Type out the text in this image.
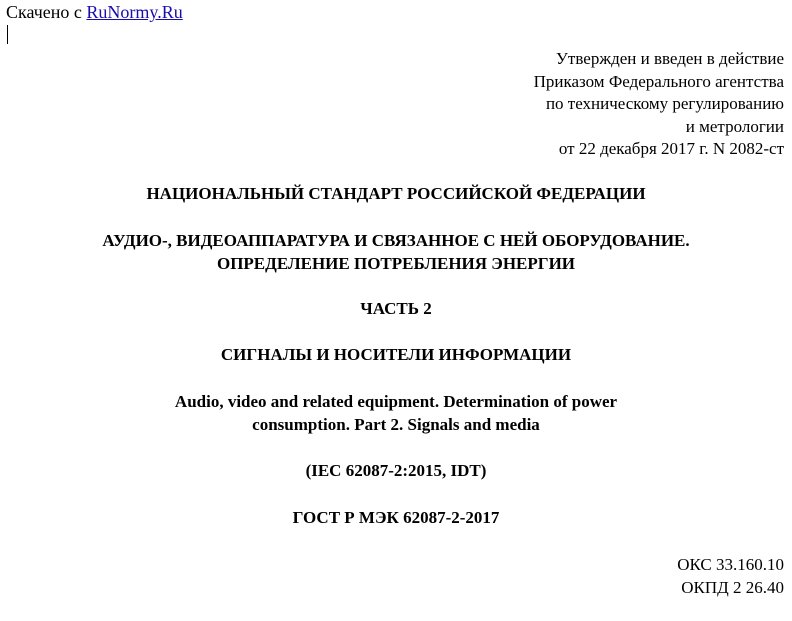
Скачено с RuNormy.Ru
Утвержден и введен в действие
Приказом Федерального агентства
по техническому регулированию
и метрологии
от 22 декабря 2017 г. N 2082-ст
НАЦИОНАЛЬНЫЙ СТАНДАРТ РОССИЙСКОЙ ФЕДЕРАЦИИ
АУДИО-, ВИДЕОАППАРАТУРА И СВЯЗАННОЕ С НЕЙ ОБОРУДОВАНИЕ.
ОПРЕДЕЛЕНИЕ ПОТРЕБЛЕНИЯ ЭНЕРГИИ
ЧАСТЬ 2
СИГНАЛЫ И НОСИТЕЛИ ИНФОРМАЦИИ
Audio, video and related equipment. Determination of power
consumption. Part 2. Signals and media
(IEC 62087-2:2015, IDT)
ГОСТ Р МЭК 62087-2-2017
ОКС 33.160.10
ОКПД 2 26.40
